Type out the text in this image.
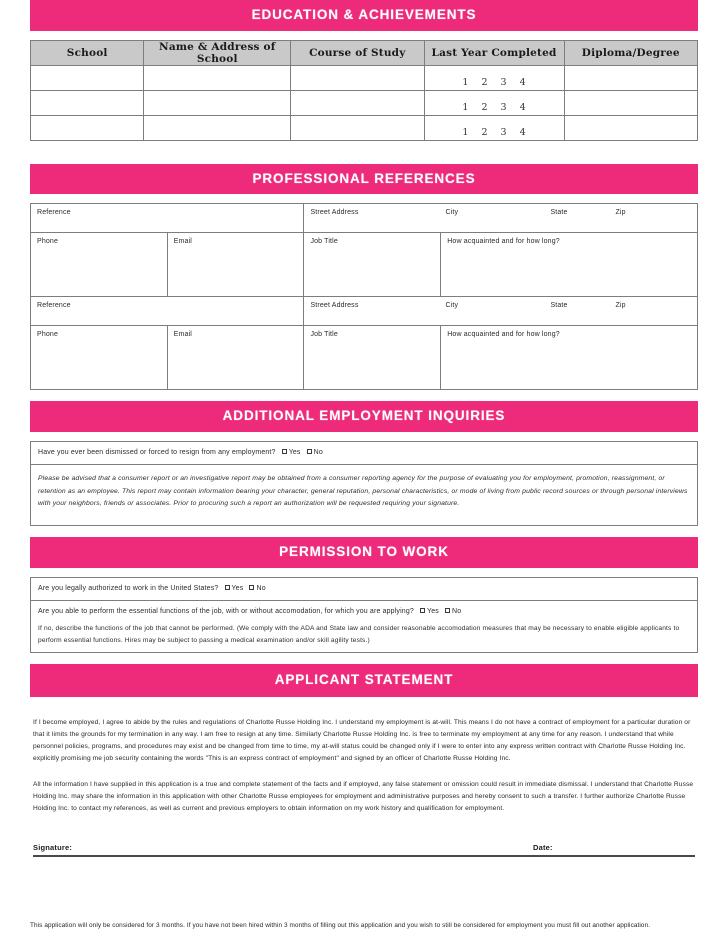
EDUCATION & ACHIEVEMENTS
School	Name & Address of School	Course of Study	Last Year Completed	Diploma/Degree
			1 2 3 4	
			1 2 3 4	
			1 2 3 4	
PROFESSIONAL REFERENCES
Reference		Street Address City State Zip	

Phone	Email	Job Title	How acquainted and for how long?
Reference		Street Address City State Zip	

Phone	Email	Job Title	How acquainted and for how long?
ADDITIONAL EMPLOYMENT INQUIRIES
Have you ever been dismissed or forced to resign from any employment? Yes No
Please be advised that a consumer report or an investigative report may be obtained from a consumer reporting agency for the purpose of evaluating you for employment, promotion, reassignment, or retention as an employee. This report may contain information bearing your character, general reputation, personal characteristics, or mode of living from public record sources or through personal interviews with your neighbors, friends or associates. Prior to procuring such a report an authorization will be requested requiring your signature.
PERMISSION TO WORK
Are you legally authorized to work in the United States? Yes No

Are you able to perform the essential functions of the job, with or without accomodation, for which you are applying? Yes No
If no, describe the functions of the job that cannot be performed. (We comply with the ADA and State law and consider reasonable accomodation measures that may be necessary to enable eligible applicants to perform essential functions. Hires may be subject to passing a medical examination and/or skill agility tests.)
APPLICANT STATEMENT

If I become employed, I agree to abide by the rules and regulations of Charlotte Russe Holding Inc. I understand my employment is at-will. This means I do not have a contract of employment for a particular duration or that it limits the grounds for my termination in any way. I am free to resign at any time. Similarly Charlotte Russe Holding Inc. is free to terminate my employment at any time for any reason. I understand that while personnel policies, programs, and procedures may exist and be changed from time to time, my at-will status could be changed only if I were to enter into any express written contract with Charlotte Russe Holding Inc. explicitly promising me job security containing the words "This is an express contract of employment" and signed by an officer of Charlotte Russe Holding Inc.

All the information I have supplied in this application is a true and complete statement of the facts and if employed, any false statement or omission could result in immediate dismissal. I understand that Charlotte Russe Holding Inc. may share the information in this application with other Charlotte Russe employees for employment and administrative purposes and hereby consent to such a transfer. I further authorize Charlotte Russe Holding Inc. to contact my references, as well as current and previous employers to obtain information on my work history and qualification for employment.

Signature:	Date:
This application will only be considered for 3 months. If you have not been hired within 3 months of filling out this application and you wish to still be considered for employment you must fill out another application.
